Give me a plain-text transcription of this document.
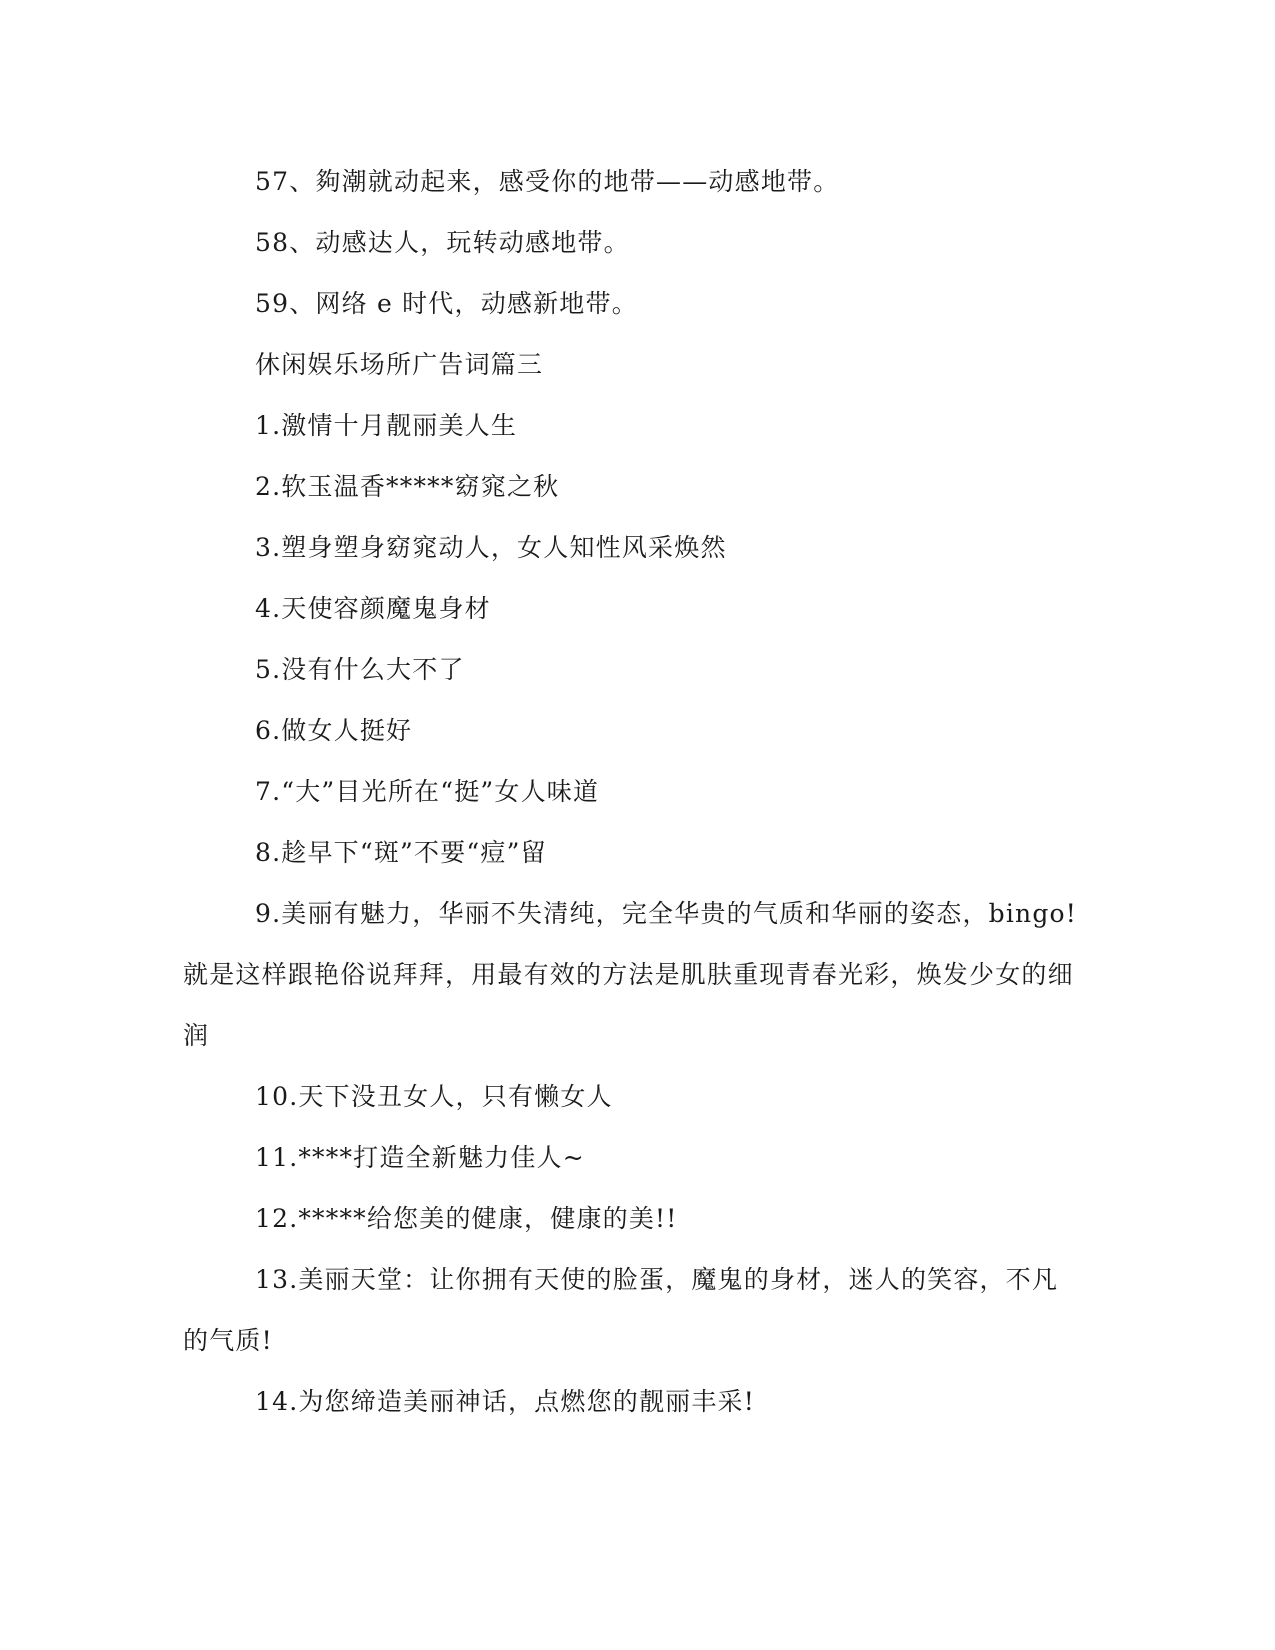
57、夠潮就动起来，感受你的地带——动感地带。
58、动感达人，玩转动感地带。
59、网络 e 时代，动感新地带。
休闲娱乐场所广告词篇三
1.激情十月靓丽美人生
2.软玉温香*****窈窕之秋
3.塑身塑身窈窕动人，女人知性风采焕然
4.天使容颜魔鬼身材
5.没有什么大不了
6.做女人挺好
7.“大”目光所在“挺”女人味道
8.趁早下“斑”不要“痘”留
9.美丽有魅力，华丽不失清纯，完全华贵的气质和华丽的姿态，bingo!就是这样跟艳俗说拜拜，用最有效的方法是肌肤重现青春光彩，焕发少女的细润
10.天下没丑女人，只有懒女人
11.****打造全新魅力佳人~
12.*****给您美的健康，健康的美!!
13.美丽天堂：让你拥有天使的脸蛋，魔鬼的身材，迷人的笑容，不凡的气质!
14.为您缔造美丽神话，点燃您的靓丽丰采!
